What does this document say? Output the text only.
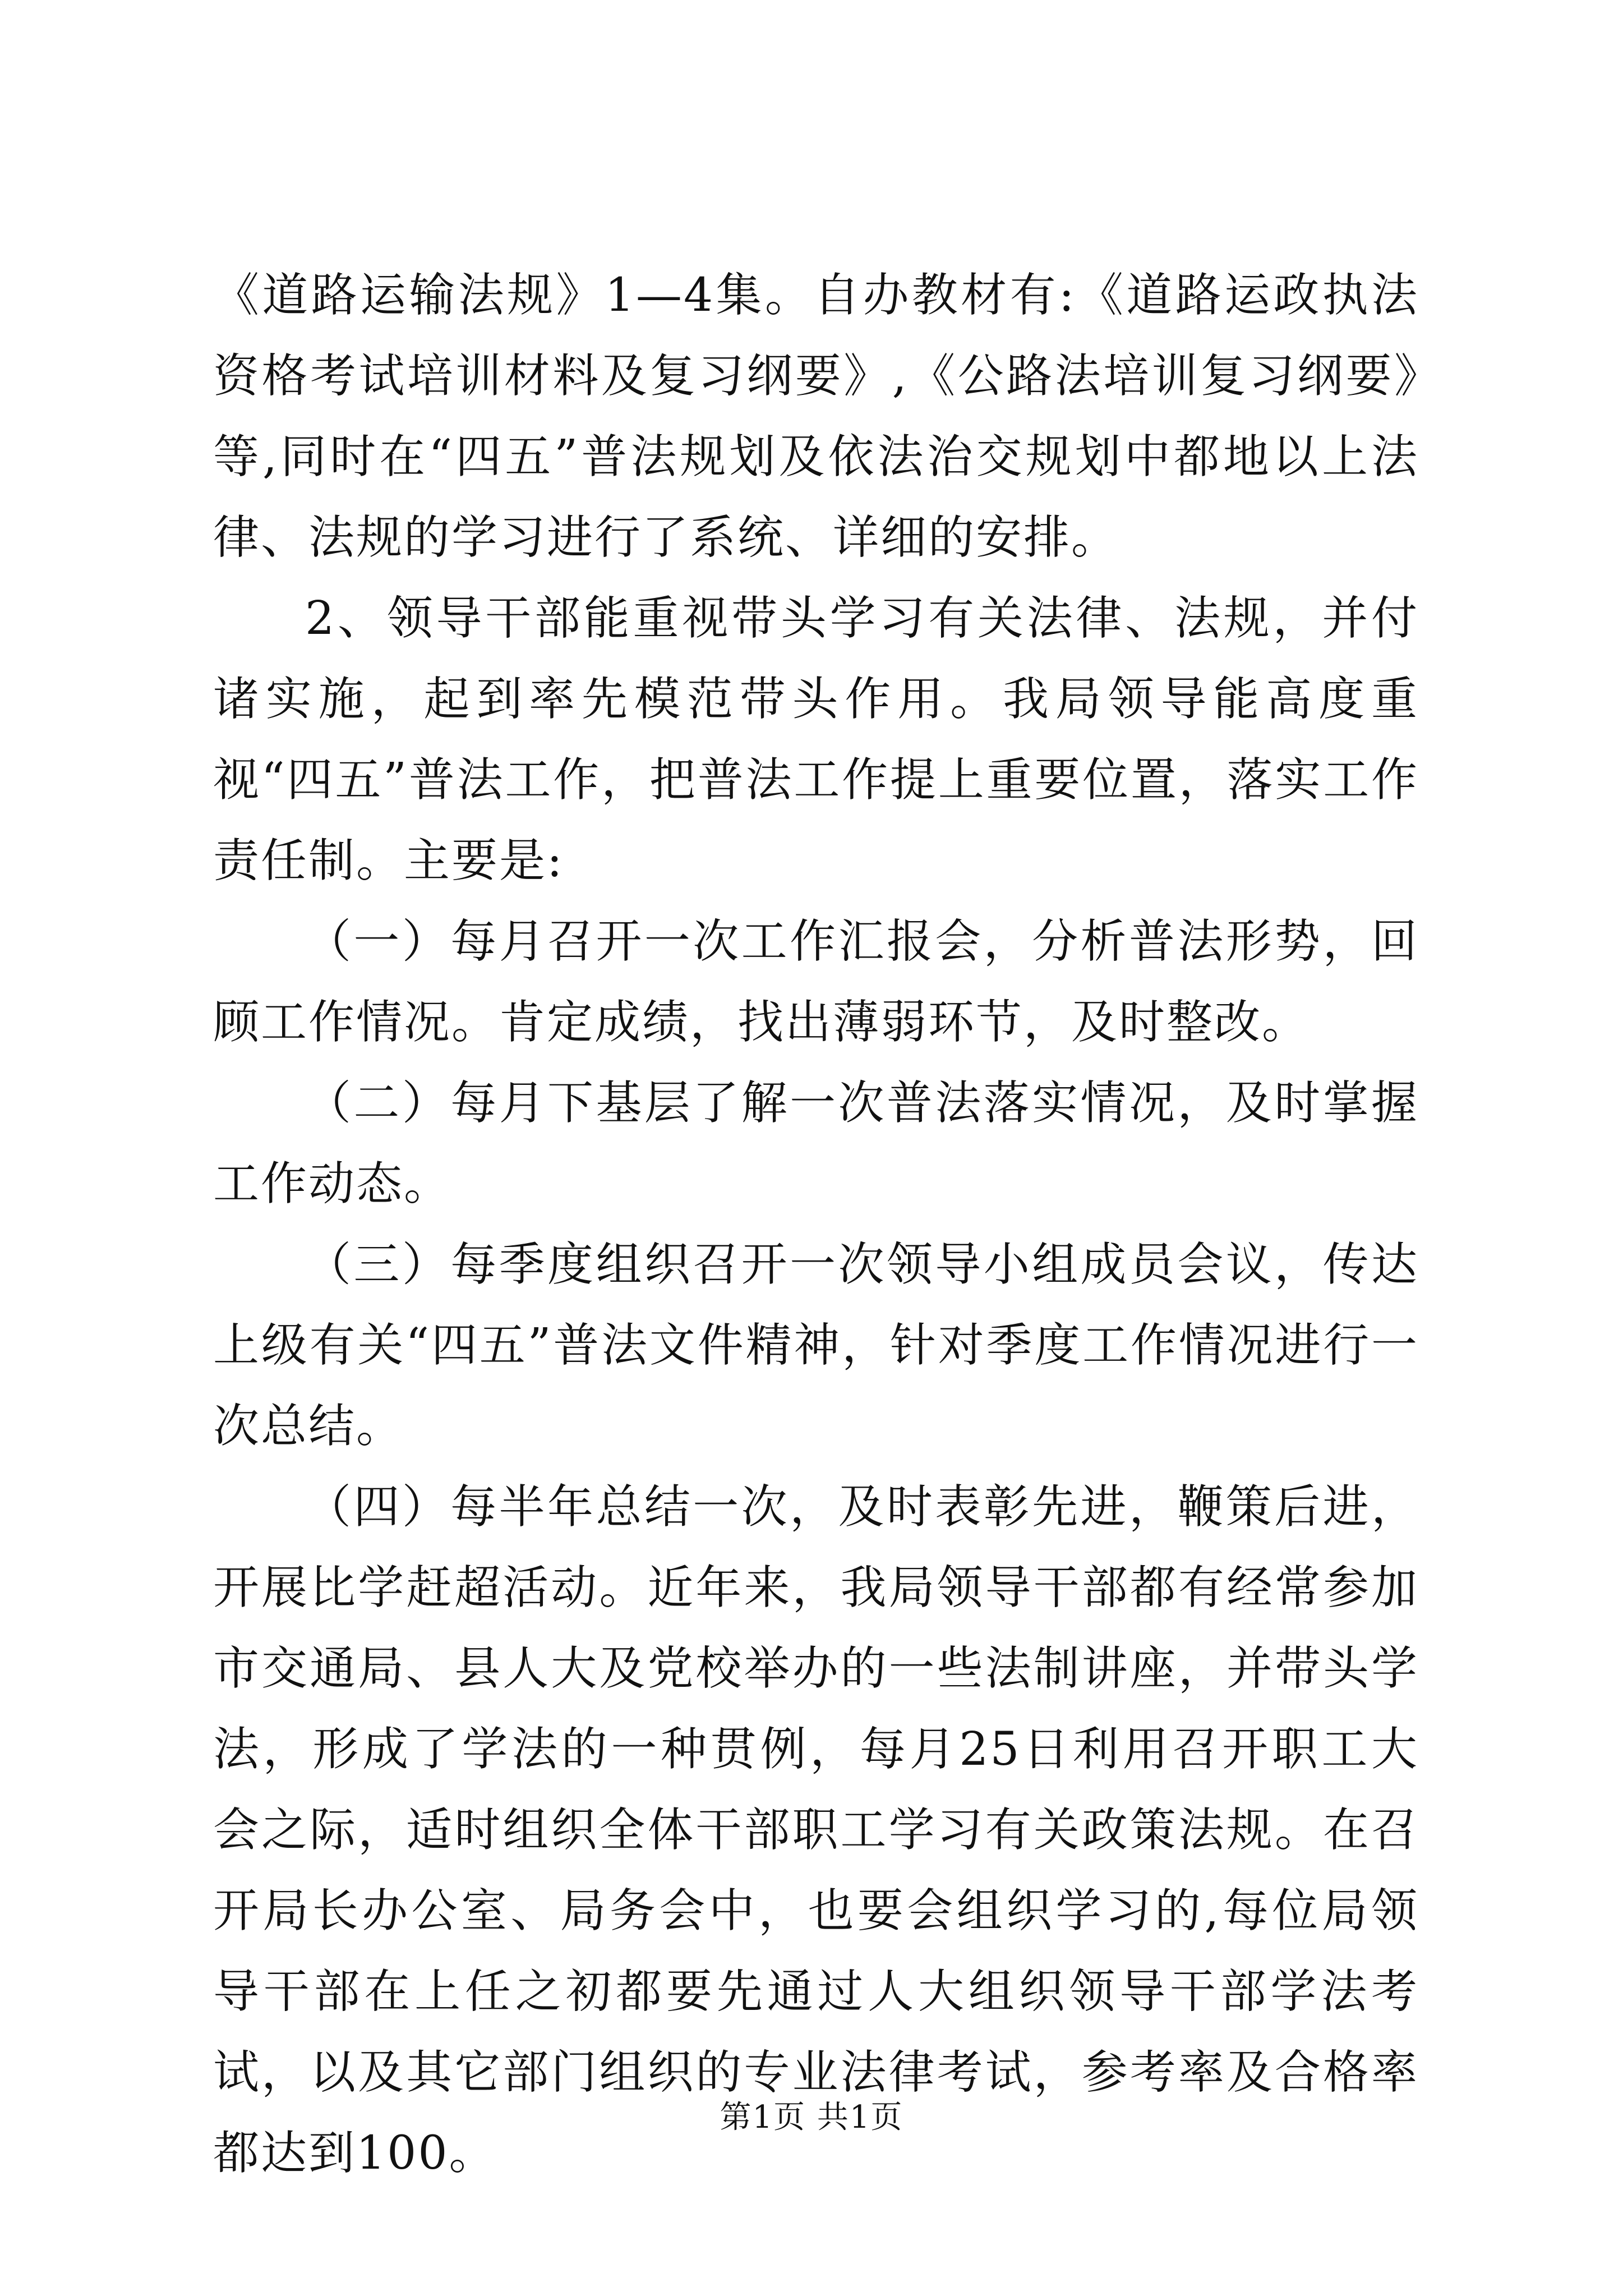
《道路运输法规》1—4集。自办教材有:《道路运政执法资格考试培训材料及复习纲要》,《公路法培训复习纲要》等,同时在“四五”普法规划及依法治交规划中都地以上法律、法规的学习进行了系统、详细的安排。

2、领导干部能重视带头学习有关法律、法规，并付诸实施，起到率先模范带头作用。我局领导能高度重视“四五”普法工作，把普法工作提上重要位置，落实工作责任制。主要是:

（一）每月召开一次工作汇报会，分析普法形势，回顾工作情况。肯定成绩，找出薄弱环节，及时整改。

（二）每月下基层了解一次普法落实情况，及时掌握工作动态。

（三）每季度组织召开一次领导小组成员会议，传达上级有关“四五”普法文件精神，针对季度工作情况进行一次总结。

（四）每半年总结一次，及时表彰先进，鞭策后进，开展比学赶超活动。近年来，我局领导干部都有经常参加市交通局、县人大及党校举办的一些法制讲座，并带头学法，形成了学法的一种贯例，每月25日利用召开职工大会之际，适时组织全体干部职工学习有关政策法规。在召开局长办公室、局务会中，也要会组织学习的,每位局领导干部在上任之初都要先通过人大组织领导干部学法考试，以及其它部门组织的专业法律考试，参考率及合格率都达到100。

第1页 共1页
